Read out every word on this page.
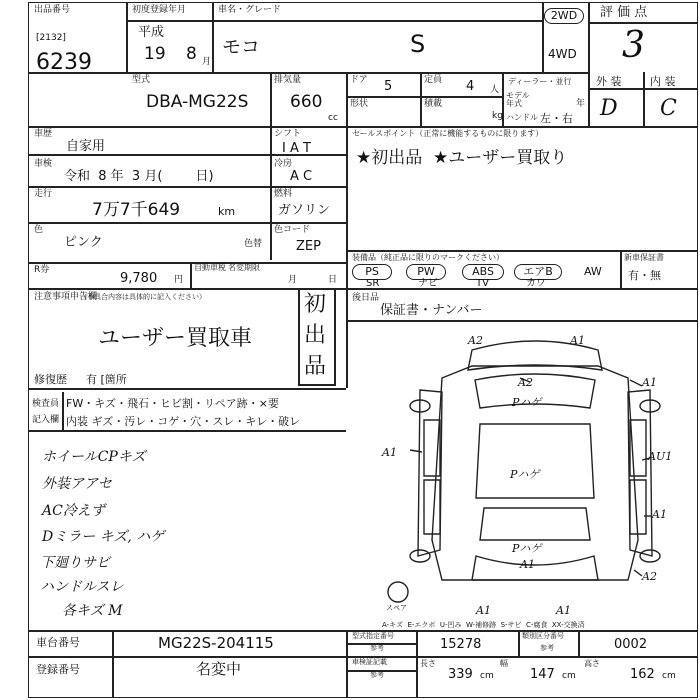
出品番号
[2132]
6239
初度登録年月
平成
19 8 月
車名・グレード
モコ	S
2WD
4WD
評 価 点
3
外 装	内 装
D C
型式
DBA-MG22S
排気量
660
cc
ドア 5	定員 4 人
形状	積載
kg
ディーラー・並行
モデル年式	年
ハンドル 左・右
車歴
自家用
シフト
I A T
車検
令和  8 年  3 月(        日)
冷房
A C
走行
7万7千649	km
燃料
ガソリン
色
ピンク	色替
色コード
ZEP
R券
9,780 円
自動車税 名変期限
月	日
セールスポイント（正常に機能するものに限ります）
★初出品  ★ユーザー買取り
装備品（純正品に限りのマークください）
PS	PW	ABS	エアB	AW
SR	ナビ	TV	カワ
新車保証書
有・無
後日品
保証書・ナンバー
注意事項申告欄
（不具合内容は具体的に記入ください）
ユーザー買取車
初
出
品
修復歴 有 [箇所
検査員
記入欄
FW・キズ・飛石・ヒビ割・リペア跡・×要
内装 ギズ・汚レ・コゲ・穴・スレ・キレ・破レ
ホイールCPキズ
外装アアセ
AC冷えず
Dミラー キズ, ハゲ
下廻りサビ
ハンドルスレ
各キズ M
A2	A1
A2	A1
Pハゲ
A1
Pハゲ
AU1
A1
Pハゲ
A1
A2
A1	A1
スペア
A-キズ  E-エクボ  U-凹み  W-補修跡  S-サビ  C-腐食  XX-交換済
車台番号	MG22S-204115
登録番号	名変中
型式指定番号
参考	15278
類別区分番号
参考	0002
車検証記載
参考
長さ
339 cm
幅
147 cm
高さ
162 cm
